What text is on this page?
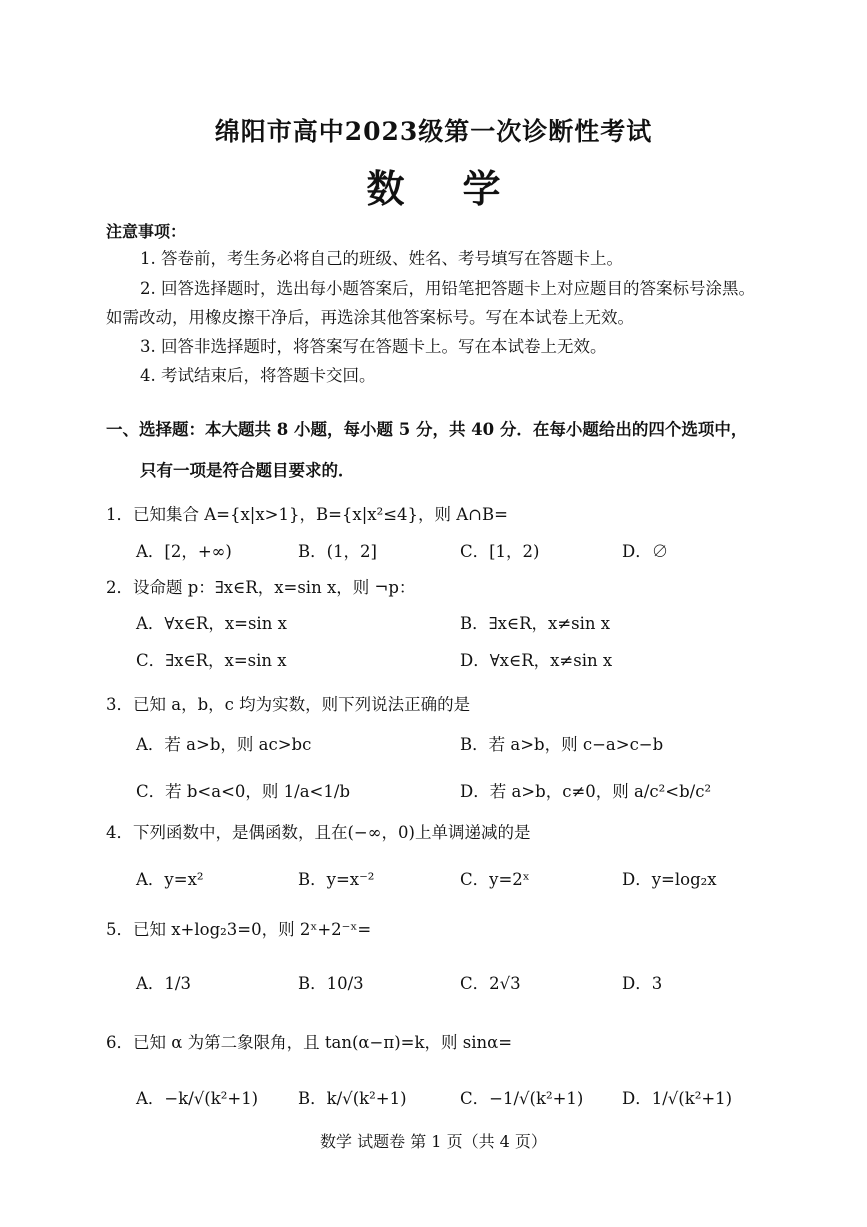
绵阳市高中2023级第一次诊断性考试
数学
注意事项：
1. 答卷前，考生务必将自己的班级、姓名、考号填写在答题卡上。
2. 回答选择题时，选出每小题答案后，用铅笔把答题卡上对应题目的答案标号涂黑。
如需改动，用橡皮擦干净后，再选涂其他答案标号。写在本试卷上无效。
3. 回答非选择题时，将答案写在答题卡上。写在本试卷上无效。
4. 考试结束后，将答题卡交回。
一、选择题：本大题共 8 小题，每小题 5 分，共 40 分．在每小题给出的四个选项中，
只有一项是符合题目要求的．
1．已知集合 A={x|x>1}，B={x|x²≤4}，则 A∩B=
A．[2，+∞)	B．(1，2]	C．[1，2)	D．∅
2．设命题 p：∃x∈R，x=sin x，则 ¬p：
A．∀x∈R，x=sin x	B．∃x∈R，x≠sin x
C．∃x∈R，x=sin x	D．∀x∈R，x≠sin x
3．已知 a，b，c 均为实数，则下列说法正确的是
A．若 a>b，则 ac>bc	B．若 a>b，则 c−a>c−b
C．若 b<a<0，则 1/a<1/b	D．若 a>b，c≠0，则 a/c²<b/c²
4．下列函数中，是偶函数，且在(−∞，0)上单调递减的是
A．y=x²	B．y=x⁻²	C．y=2ˣ	D．y=log₂x
5．已知 x+log₂3=0，则 2ˣ+2⁻ˣ=
A．1/3	B．10/3	C．2√3	D．3
6．已知 α 为第二象限角，且 tan(α−π)=k，则 sinα=
A．−k/√(k²+1) B．k/√(k²+1)	C．−1/√(k²+1) D．1/√(k²+1)
数学 试题卷 第 1 页（共 4 页）
